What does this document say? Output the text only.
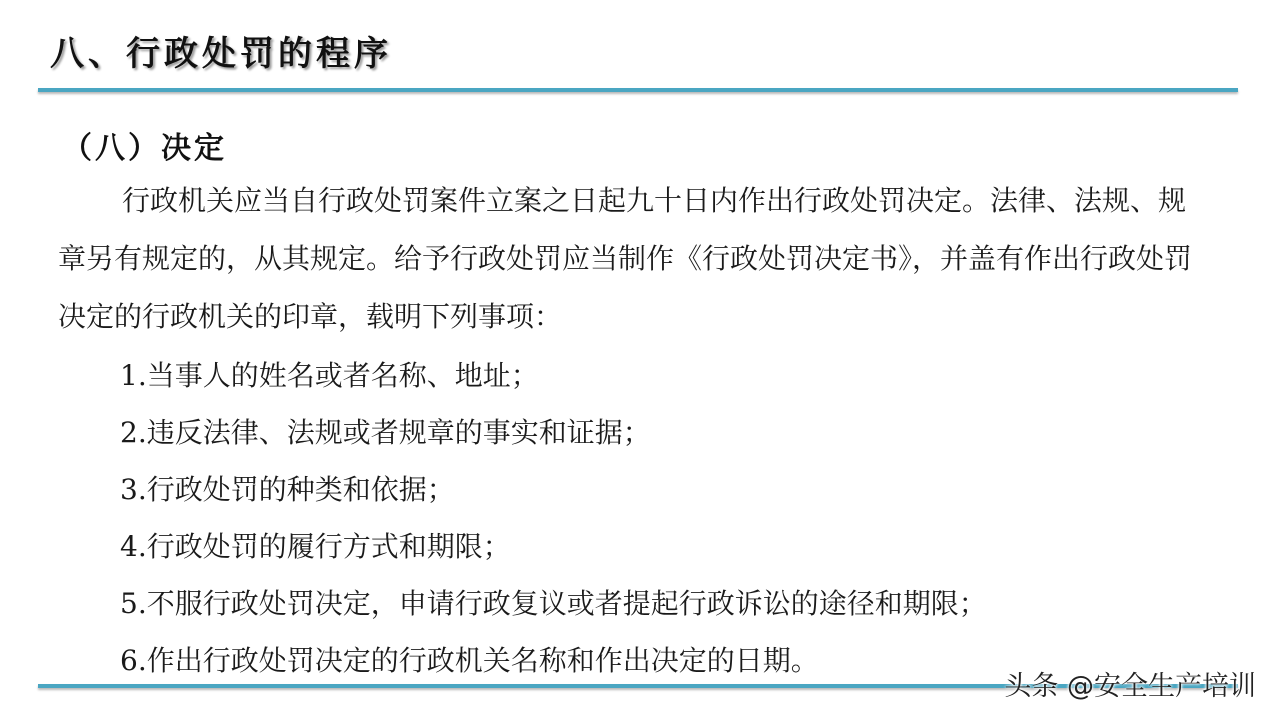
八、行政处罚的程序
（八）决定

行政机关应当自行政处罚案件立案之日起九十日内作出行政处罚决定。法律、法规、规章另有规定的，从其规定。给予行政处罚应当制作《行政处罚决定书》，并盖有作出行政处罚决定的行政机关的印章，载明下列事项：

1.当事人的姓名或者名称、地址；
2.违反法律、法规或者规章的事实和证据；
3.行政处罚的种类和依据；
4.行政处罚的履行方式和期限；
5.不服行政处罚决定，申请行政复议或者提起行政诉讼的途径和期限；
6.作出行政处罚决定的行政机关名称和作出决定的日期。
头条 @安全生产培训
